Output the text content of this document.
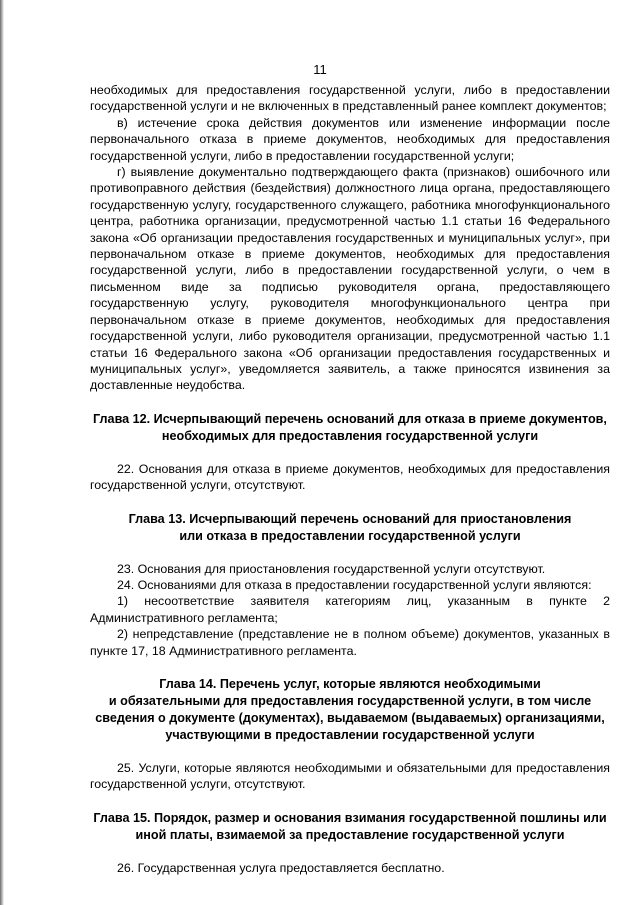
11

необходимых для предоставления государственной услуги, либо в предоставлении государственной услуги и не включенных в представленный ранее комплект документов;

в) истечение срока действия документов или изменение информации после первоначального отказа в приеме документов, необходимых для предоставления государственной услуги, либо в предоставлении государственной услуги;

г) выявление документально подтверждающего факта (признаков) ошибочного или противоправного действия (бездействия) должностного лица органа, предоставляющего государственную услугу, государственного служащего, работника многофункционального центра, работника организации, предусмотренной частью 1.1 статьи 16 Федерального закона «Об организации предоставления государственных и муниципальных услуг», при первоначальном отказе в приеме документов, необходимых для предоставления государственной услуги, либо в предоставлении государственной услуги, о чем в письменном виде за подписью руководителя органа, предоставляющего государственную услугу, руководителя многофункционального центра при первоначальном отказе в приеме документов, необходимых для предоставления государственной услуги, либо руководителя организации, предусмотренной частью 1.1 статьи 16 Федерального закона «Об организации предоставления государственных и муниципальных услуг», уведомляется заявитель, а также приносятся извинения за доставленные неудобства.

Глава 12. Исчерпывающий перечень оснований для отказа в приеме документов,
необходимых для предоставления государственной услуги

22. Основания для отказа в приеме документов, необходимых для предоставления государственной услуги, отсутствуют.

Глава 13. Исчерпывающий перечень оснований для приостановления
или отказа в предоставлении государственной услуги

23. Основания для приостановления государственной услуги отсутствуют.

24. Основаниями для отказа в предоставлении государственной услуги являются:

1) несоответствие заявителя категориям лиц, указанным в пункте 2 Административного регламента;

2) непредставление (представление не в полном объеме) документов, указанных в пункте 17, 18 Административного регламента.

Глава 14. Перечень услуг, которые являются необходимыми
и обязательными для предоставления государственной услуги, в том числе
сведения о документе (документах), выдаваемом (выдаваемых) организациями,
участвующими в предоставлении государственной услуги

25. Услуги, которые являются необходимыми и обязательными для предоставления государственной услуги, отсутствуют.

Глава 15. Порядок, размер и основания взимания государственной пошлины или
иной платы, взимаемой за предоставление государственной услуги

26. Государственная услуга предоставляется бесплатно.
